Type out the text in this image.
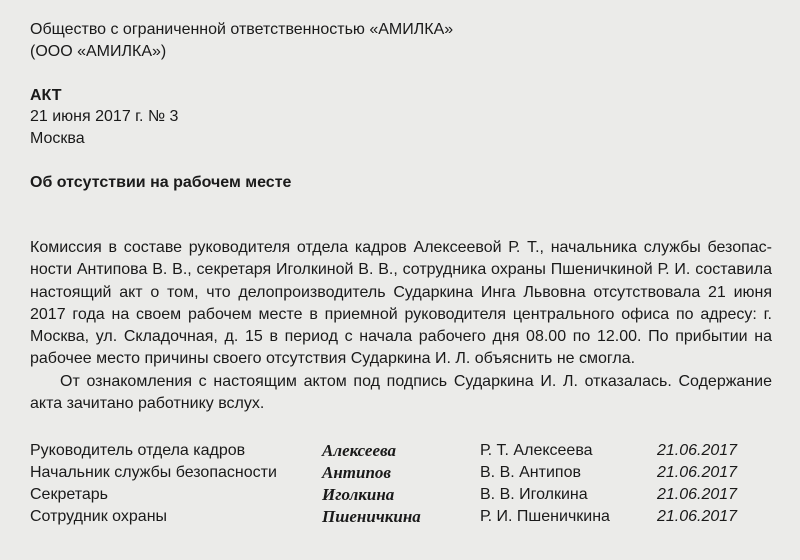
Общество с ограниченной ответственностью «АМИЛКА»
(ООО «АМИЛКА»)
АКТ
21 июня 2017 г. № 3
Москва
Об отсутствии на рабочем месте

Комиссия в составе руководителя отдела кадров Алексеевой Р. Т., начальника службы безопасности Антипова В. В., секретаря Иголкиной В. В., сотрудника охраны Пшеничкиной Р. И. составила настоящий акт о том, что делопроизводитель Сударкина Инга Львовна отсутствовала 21 июня 2017 года на своем рабочем месте в приемной руководителя центрального офиса по адресу: г. Москва, ул. Складочная, д. 15 в период с начала рабочего дня 08.00 по 12.00. По прибытии на рабочее место причины своего отсутствия Сударкина И. Л. объяснить не смогла.

От ознакомления с настоящим актом под подпись Сударкина И. Л. отказалась. Содержание акта зачитано работнику вслух.

Руководитель отдела кадров	Алексеева	Р. Т. Алексеева	21.06.2017
Начальник службы безопасности	Антипов	В. В. Антипов	21.06.2017
Секретарь	Иголкина	В. В. Иголкина	21.06.2017
Сотрудник охраны	Пшеничкина	Р. И. Пшеничкина	21.06.2017
